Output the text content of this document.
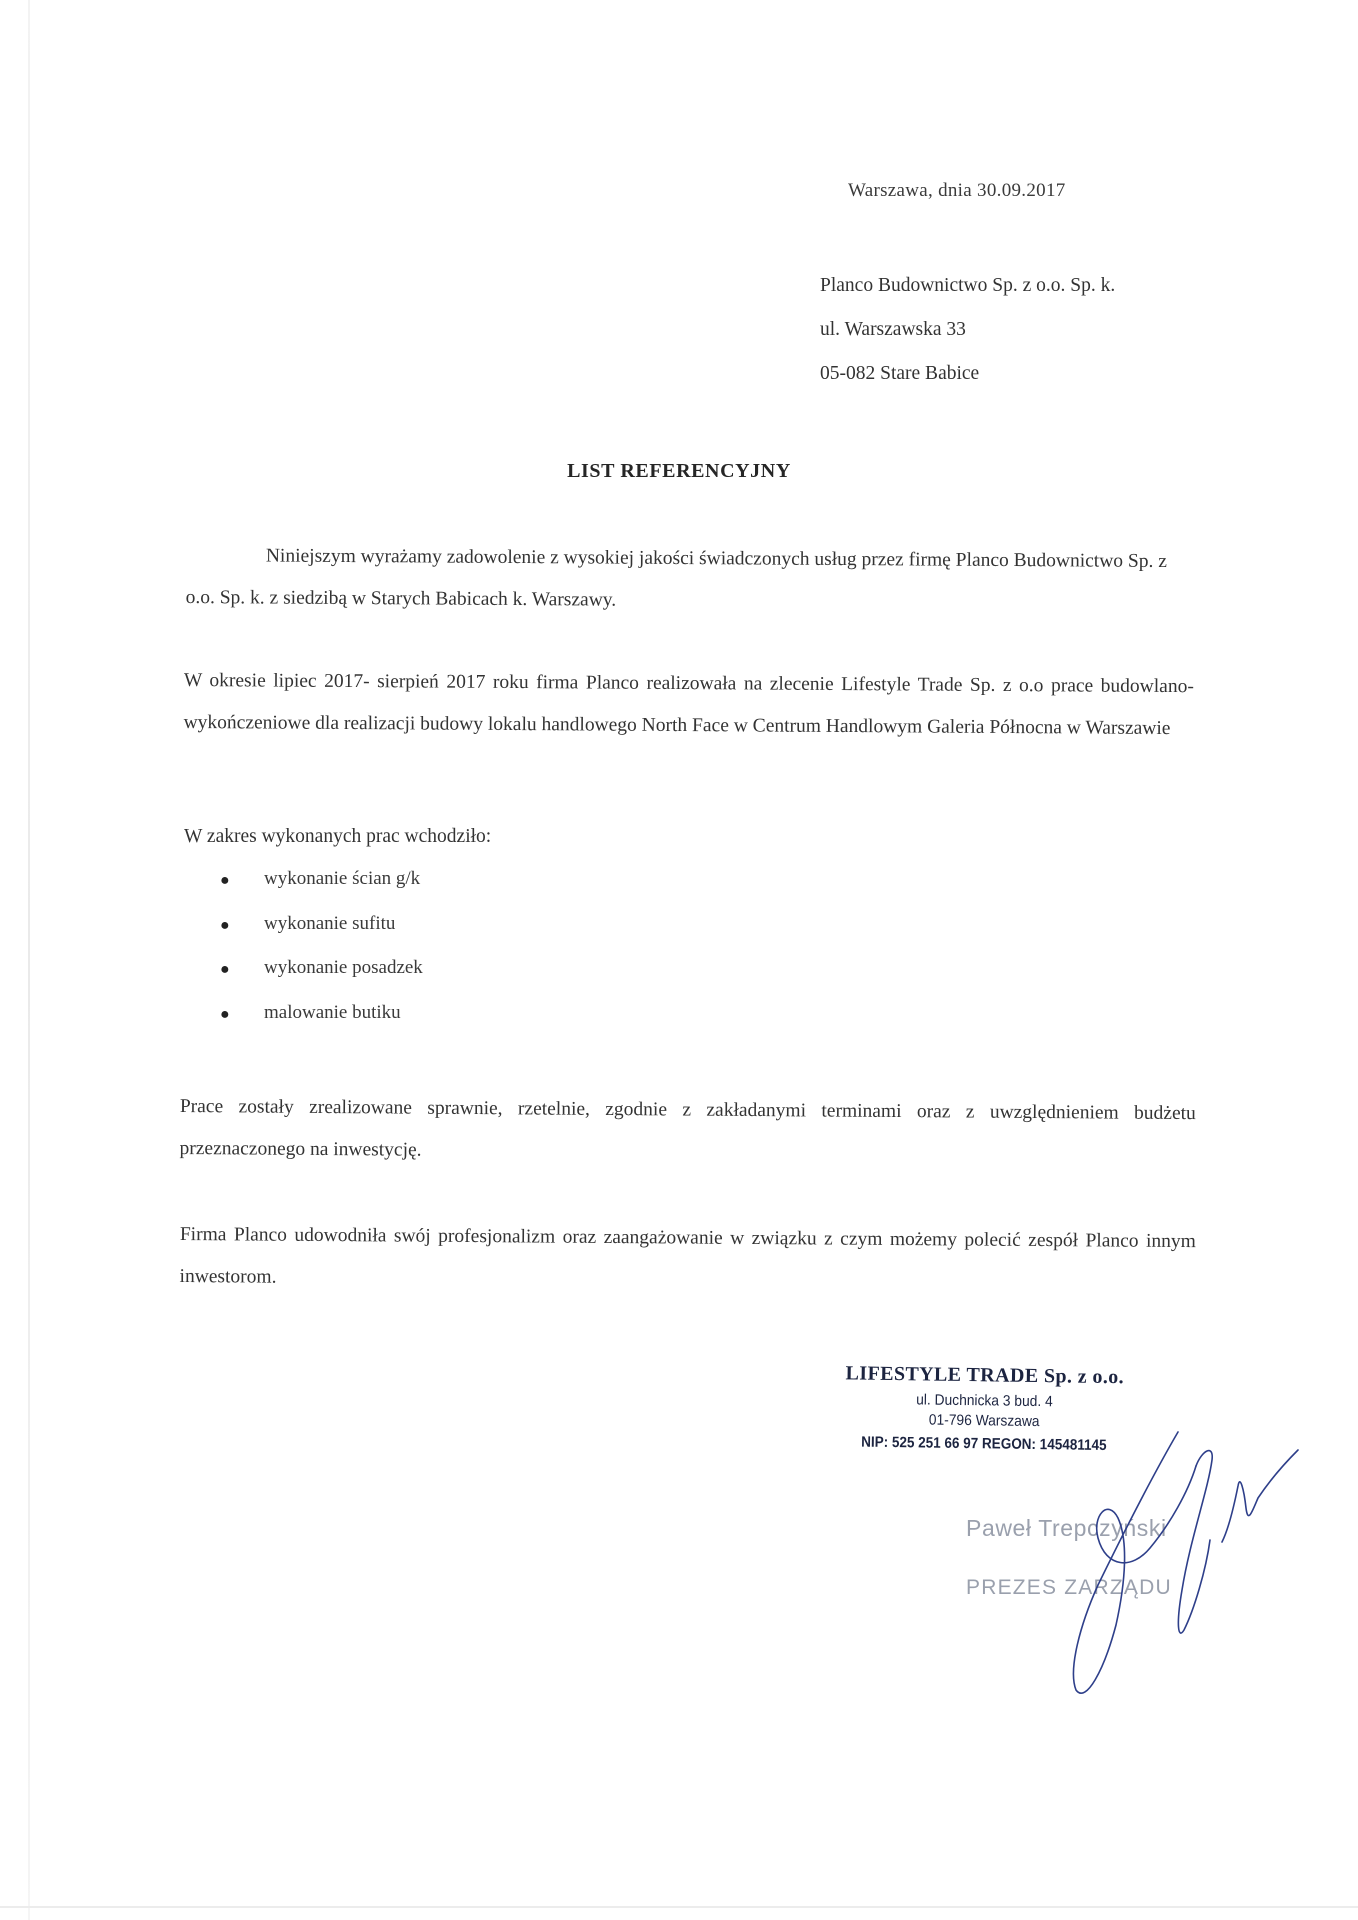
Warszawa, dnia 30.09.2017
Planco Budownictwo Sp. z o.o. Sp. k.
ul. Warszawska 33
05-082 Stare Babice
LIST REFERENCYJNY
Niniejszym wyrażamy zadowolenie z wysokiej jakości świadczonych usług przez firmę Planco Budownictwo Sp. z o.o. Sp. k. z siedzibą w Starych Babicach k. Warszawy.
W okresie lipiec 2017- sierpień 2017 roku firma Planco realizowała na zlecenie Lifestyle Trade Sp. z o.o prace budowlano-wykończeniowe dla realizacji budowy lokalu handlowego North Face w Centrum Handlowym Galeria Północna w Warszawie
W zakres wykonanych prac wchodziło:
●	wykonanie ścian g/k
●	wykonanie sufitu
●	wykonanie posadzek
●	malowanie butiku
Prace zostały zrealizowane sprawnie, rzetelnie, zgodnie z zakładanymi terminami oraz z uwzględnieniem budżetu przeznaczonego na inwestycję.
Firma Planco udowodniła swój profesjonalizm oraz zaangażowanie w związku z czym możemy polecić zespół Planco innym inwestorom.
LIFESTYLE TRADE Sp. z o.o.
ul. Duchnicka 3 bud. 4
01-796 Warszawa
NIP: 525 251 66 97 REGON: 145481145
Paweł Trepczyński
PREZES ZARZĄDU
